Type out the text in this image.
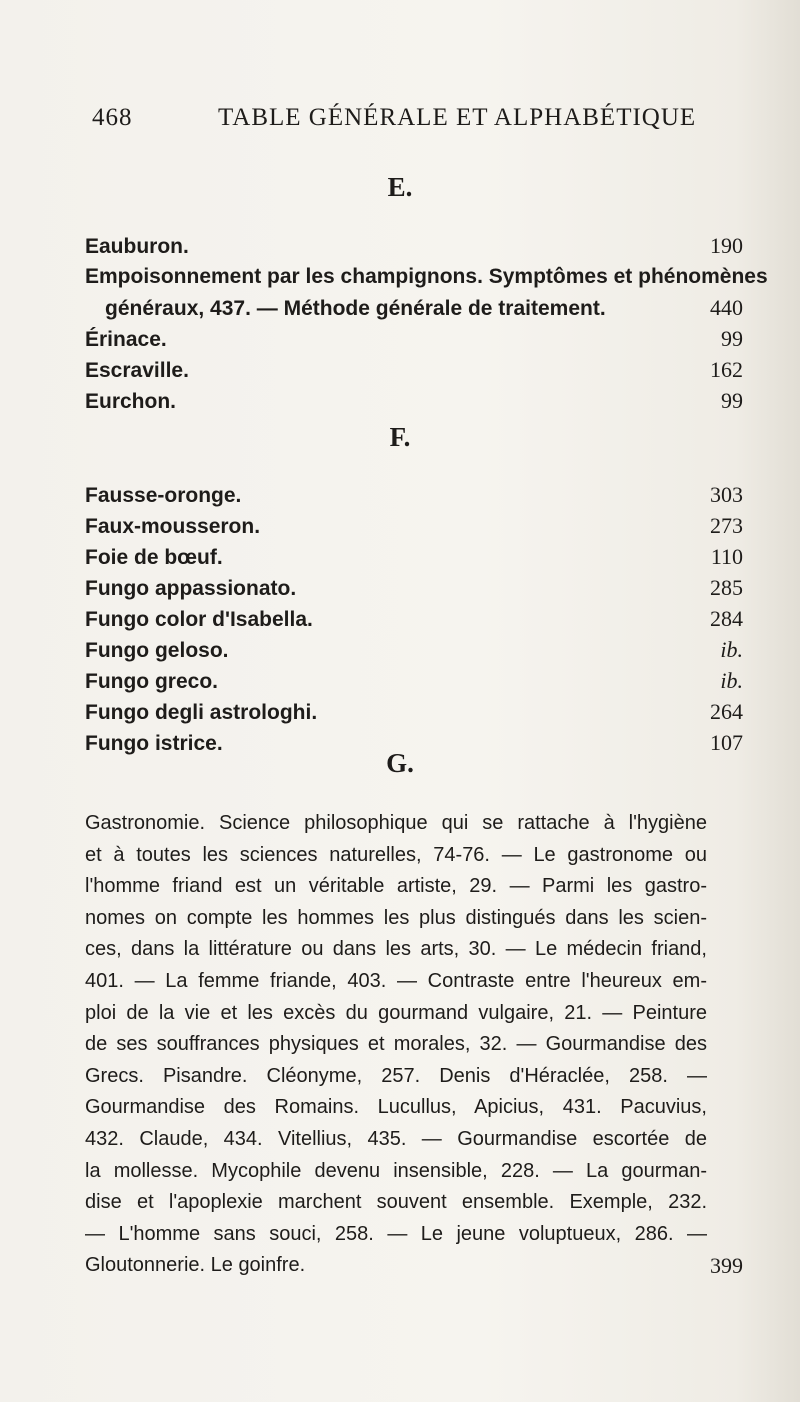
468	TABLE GÉNÉRALE ET ALPHABÉTIQUE
E.
Eauburon.	190
Empoisonnement par les champignons. Symptômes et phénomènes
généraux, 437. — Méthode générale de traitement.	440
Érinace.	99
Escraville.	162
Eurchon.	99
F.
Fausse-oronge.	303
Faux-mousseron.	273
Foie de bœuf.	110
Fungo appassionato.	285
Fungo color d'Isabella.	284
Fungo geloso.	ib.
Fungo greco.	ib.
Fungo degli astrologhi.	264
Fungo istrice.	107
G.
Gastronomie. Science philosophique qui se rattache à l'hygiène
et à toutes les sciences naturelles, 74-76. — Le gastronome ou
l'homme friand est un véritable artiste, 29. — Parmi les gastro-
nomes on compte les hommes les plus distingués dans les scien-
ces, dans la littérature ou dans les arts, 30. — Le médecin friand,
401. — La femme friande, 403. — Contraste entre l'heureux em-
ploi de la vie et les excès du gourmand vulgaire, 21. — Peinture
de ses souffrances physiques et morales, 32. — Gourmandise des
Grecs. Pisandre. Cléonyme, 257. Denis d'Héraclée, 258. —
Gourmandise des Romains. Lucullus, Apicius, 431. Pacuvius,
432. Claude, 434. Vitellius, 435. — Gourmandise escortée de
la mollesse. Mycophile devenu insensible, 228. — La gourman-
dise et l'apoplexie marchent souvent ensemble. Exemple, 232.
— L'homme sans souci, 258. — Le jeune voluptueux, 286. —
Gloutonnerie. Le goinfre.	399
